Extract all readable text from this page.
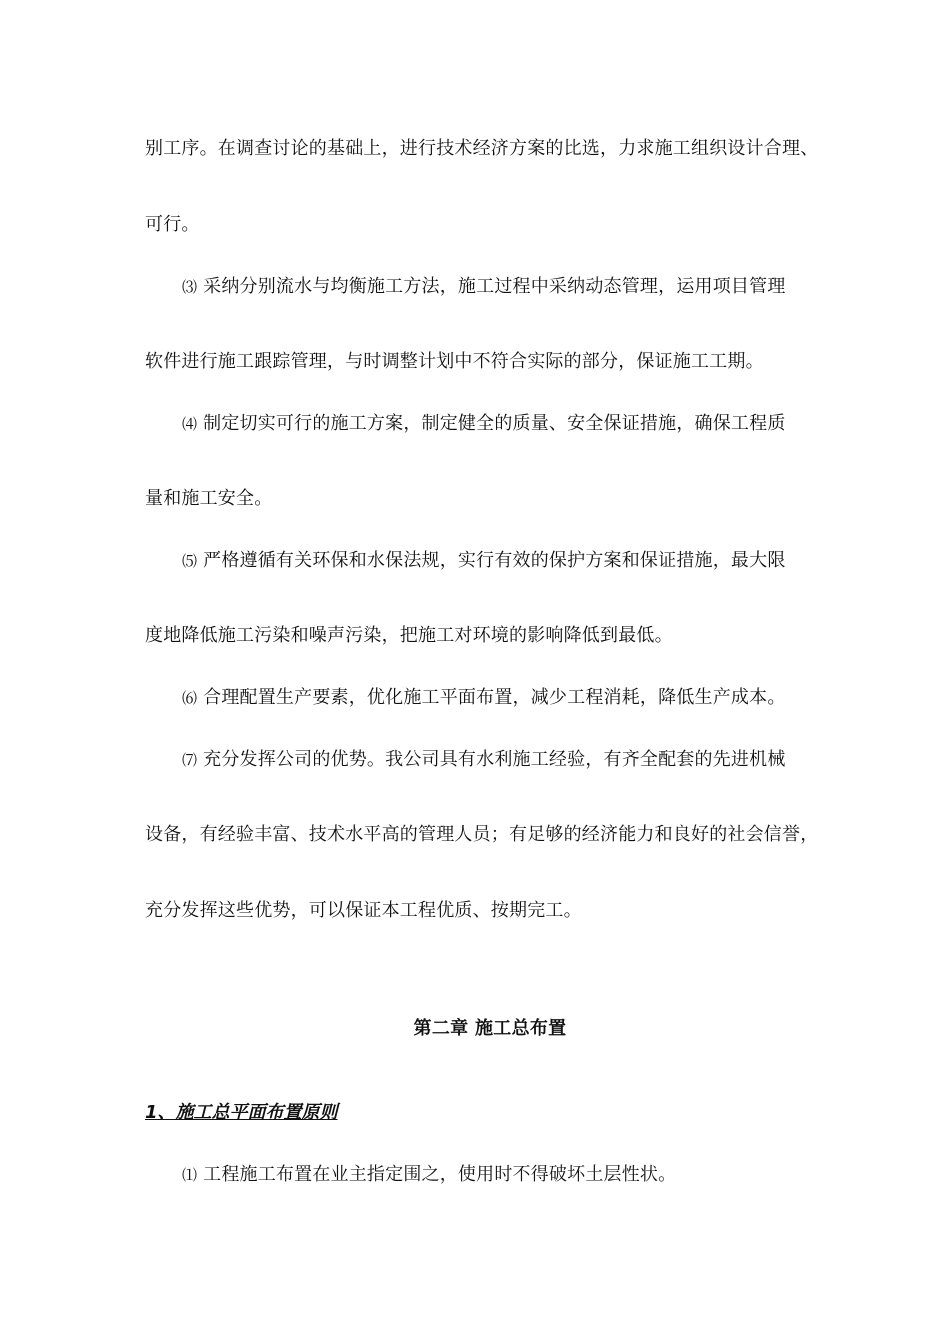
别工序。在调查讨论的基础上，进行技术经济方案的比选，力求施工组织设计合理、
可行。
⑶ 采纳分别流水与均衡施工方法，施工过程中采纳动态管理，运用项目管理
软件进行施工跟踪管理，与时调整计划中不符合实际的部分，保证施工工期。
⑷ 制定切实可行的施工方案，制定健全的质量、安全保证措施，确保工程质
量和施工安全。
⑸ 严格遵循有关环保和水保法规，实行有效的保护方案和保证措施，最大限
度地降低施工污染和噪声污染，把施工对环境的影响降低到最低。
⑹ 合理配置生产要素，优化施工平面布置，减少工程消耗，降低生产成本。
⑺ 充分发挥公司的优势。我公司具有水利施工经验，有齐全配套的先进机械
设备，有经验丰富、技术水平高的管理人员；有足够的经济能力和良好的社会信誉，
充分发挥这些优势，可以保证本工程优质、按期完工。
第二章 施工总布置
1、施工总平面布置原则
⑴ 工程施工布置在业主指定围之，使用时不得破坏土层性状。
